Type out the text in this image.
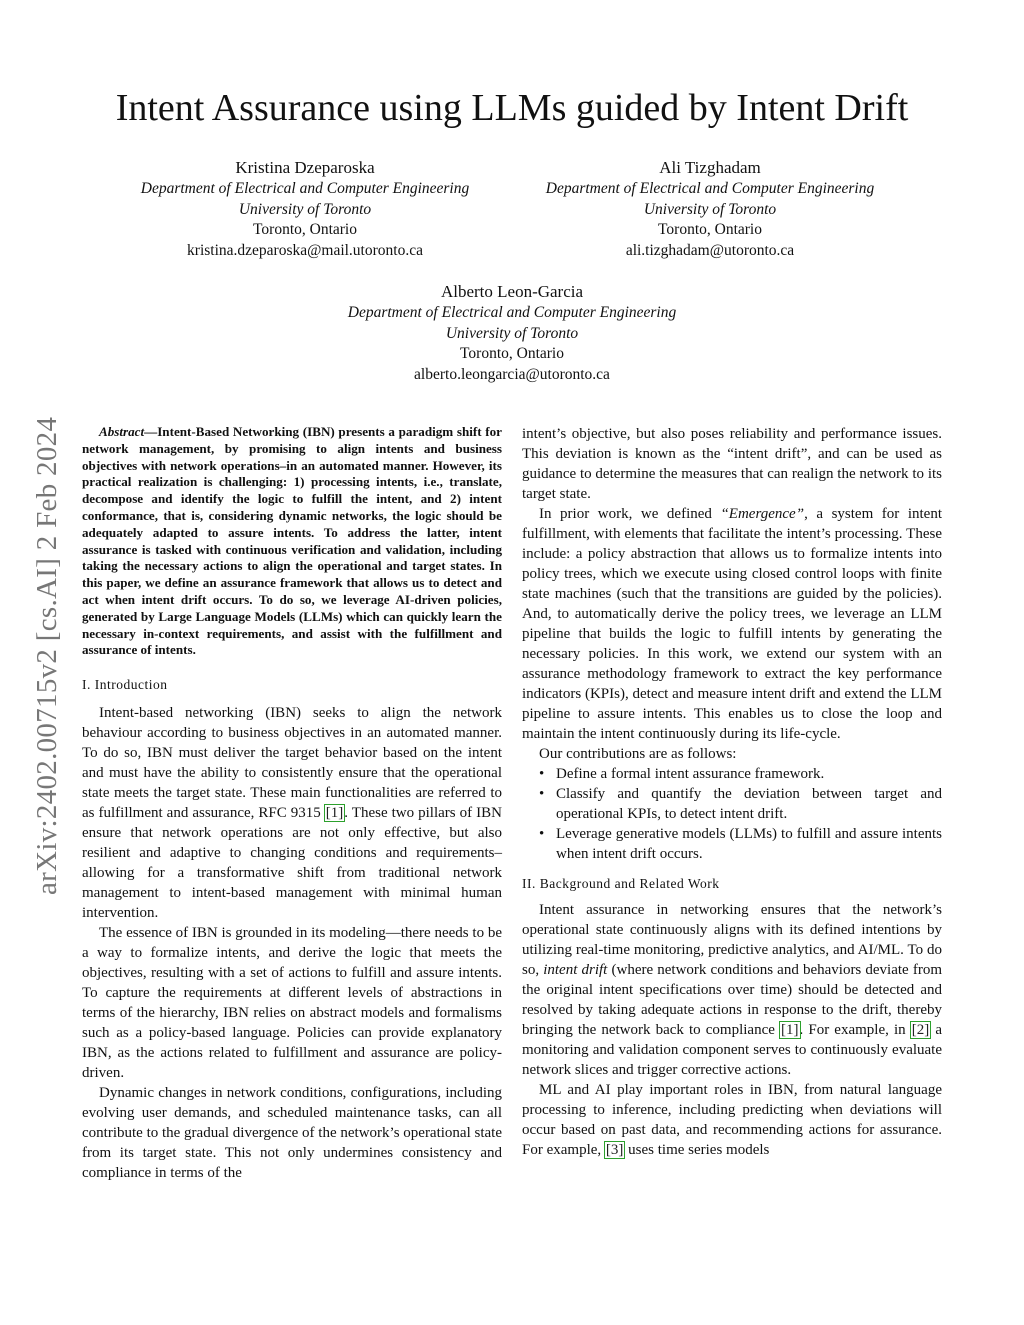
Intent Assurance using LLMs guided by Intent Drift
Kristina Dzeparoska
Department of Electrical and Computer Engineering
University of Toronto
Toronto, Ontario
kristina.dzeparoska@mail.utoronto.ca
Ali Tizghadam
Department of Electrical and Computer Engineering
University of Toronto
Toronto, Ontario
ali.tizghadam@utoronto.ca
Alberto Leon-Garcia
Department of Electrical and Computer Engineering
University of Toronto
Toronto, Ontario
alberto.leongarcia@utoronto.ca
arXiv:2402.00715v2 [cs.AI] 2 Feb 2024	Abstract—Intent-Based Networking (IBN) presents a paradigm shift for network management, by promising to align intents and business objectives with network operations–in an automated manner. However, its practical realization is challenging: 1) processing intents, i.e., translate, decompose and identify the logic to fulfill the intent, and 2) intent conformance, that is, considering dynamic networks, the logic should be adequately adapted to assure intents. To address the latter, intent assurance is tasked with continuous verification and validation, including taking the necessary actions to align the operational and target states. In this paper, we define an assurance framework that allows us to detect and act when intent drift occurs. To do so, we leverage AI-driven policies, generated by Large Language Models (LLMs) which can quickly learn the necessary in-context requirements, and assist with the fulfillment and assurance of intents.

I. Introduction

Intent-based networking (IBN) seeks to align the network behaviour according to business objectives in an automated manner. To do so, IBN must deliver the target behavior based on the intent and must have the ability to consistently ensure that the operational state meets the target state. These main functionalities are referred to as fulfillment and assurance, RFC 9315 [1]. These two pillars of IBN ensure that network operations are not only effective, but also resilient and adaptive to changing conditions and requirements–allowing for a transformative shift from traditional network management to intent-based management with minimal human intervention.

The essence of IBN is grounded in its modeling—there needs to be a way to formalize intents, and derive the logic that meets the objectives, resulting with a set of actions to fulfill and assure intents. To capture the requirements at different levels of abstractions in terms of the hierarchy, IBN relies on abstract models and formalisms such as a policy-based language. Policies can provide explanatory IBN, as the actions related to fulfillment and assurance are policy-driven.

Dynamic changes in network conditions, configurations, including evolving user demands, and scheduled maintenance tasks, can all contribute to the gradual divergence of the network’s operational state from its target state. This not only undermines consistency and compliance in terms of the

intent’s objective, but also poses reliability and performance issues. This deviation is known as the “intent drift”, and can be used as guidance to determine the measures that can realign the network to its target state.

In prior work, we defined “Emergence”, a system for intent fulfillment, with elements that facilitate the intent’s processing. These include: a policy abstraction that allows us to formalize intents into policy trees, which we execute using closed control loops with finite state machines (such that the transitions are guided by the policies). And, to automatically derive the policy trees, we leverage an LLM pipeline that builds the logic to fulfill intents by generating the necessary policies. In this work, we extend our system with an assurance methodology framework to extract the key performance indicators (KPIs), detect and measure intent drift and extend the LLM pipeline to assure intents. This enables us to close the loop and maintain the intent continuously during its life-cycle.

Our contributions are as follows:

• Define a formal intent assurance framework.
• Classify and quantify the deviation between target and operational KPIs, to detect intent drift.
• Leverage generative models (LLMs) to fulfill and assure intents when intent drift occurs.

II. Background and Related Work

Intent assurance in networking ensures that the network’s operational state continuously aligns with its defined intentions by utilizing real-time monitoring, predictive analytics, and AI/ML. To do so, intent drift (where network conditions and behaviors deviate from the original intent specifications over time) should be detected and resolved by taking adequate actions in response to the drift, thereby bringing the network back to compliance [1]. For example, in [2] a monitoring and validation component serves to continuously evaluate network slices and trigger corrective actions.

ML and AI play important roles in IBN, from natural language processing to inference, including predicting when deviations will occur based on past data, and recommending actions for assurance. For example, [3] uses time series models
